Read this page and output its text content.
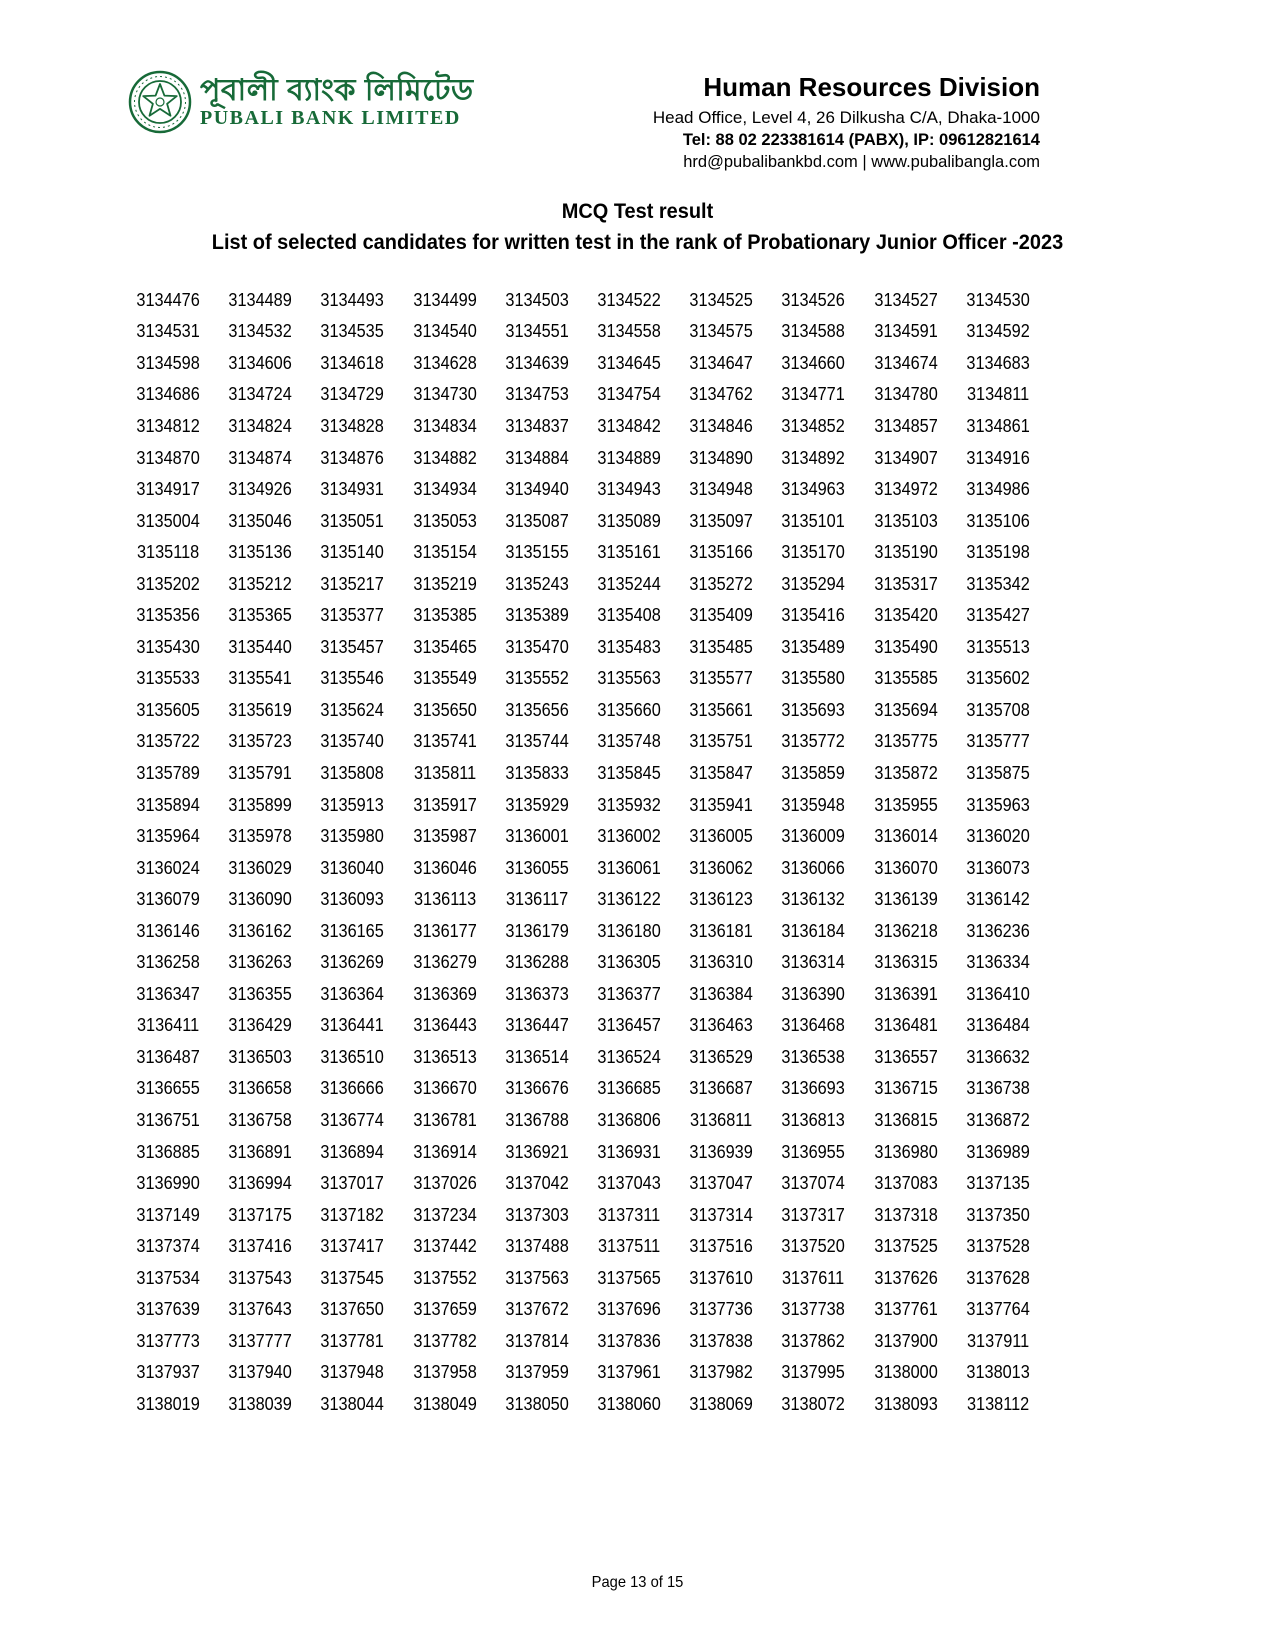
পূবালী ব্যাংক লিমিটেড
PUBALI BANK LIMITED
Human Resources Division
Head Office, Level 4, 26 Dilkusha C/A, Dhaka-1000
Tel: 88 02 223381614 (PABX), IP: 09612821614
hrd@pubalibankbd.com | www.pubalibangla.com
MCQ Test result
List of selected candidates for written test in the rank of Probationary Junior Officer -2023
3134476	3134489	3134493	3134499	3134503	3134522	3134525	3134526	3134527	3134530
3134531	3134532	3134535	3134540	3134551	3134558	3134575	3134588	3134591	3134592
3134598	3134606	3134618	3134628	3134639	3134645	3134647	3134660	3134674	3134683
3134686	3134724	3134729	3134730	3134753	3134754	3134762	3134771	3134780	3134811
3134812	3134824	3134828	3134834	3134837	3134842	3134846	3134852	3134857	3134861
3134870	3134874	3134876	3134882	3134884	3134889	3134890	3134892	3134907	3134916
3134917	3134926	3134931	3134934	3134940	3134943	3134948	3134963	3134972	3134986
3135004	3135046	3135051	3135053	3135087	3135089	3135097	3135101	3135103	3135106
3135118	3135136	3135140	3135154	3135155	3135161	3135166	3135170	3135190	3135198
3135202	3135212	3135217	3135219	3135243	3135244	3135272	3135294	3135317	3135342
3135356	3135365	3135377	3135385	3135389	3135408	3135409	3135416	3135420	3135427
3135430	3135440	3135457	3135465	3135470	3135483	3135485	3135489	3135490	3135513
3135533	3135541	3135546	3135549	3135552	3135563	3135577	3135580	3135585	3135602
3135605	3135619	3135624	3135650	3135656	3135660	3135661	3135693	3135694	3135708
3135722	3135723	3135740	3135741	3135744	3135748	3135751	3135772	3135775	3135777
3135789	3135791	3135808	3135811	3135833	3135845	3135847	3135859	3135872	3135875
3135894	3135899	3135913	3135917	3135929	3135932	3135941	3135948	3135955	3135963
3135964	3135978	3135980	3135987	3136001	3136002	3136005	3136009	3136014	3136020
3136024	3136029	3136040	3136046	3136055	3136061	3136062	3136066	3136070	3136073
3136079	3136090	3136093	3136113	3136117	3136122	3136123	3136132	3136139	3136142
3136146	3136162	3136165	3136177	3136179	3136180	3136181	3136184	3136218	3136236
3136258	3136263	3136269	3136279	3136288	3136305	3136310	3136314	3136315	3136334
3136347	3136355	3136364	3136369	3136373	3136377	3136384	3136390	3136391	3136410
3136411	3136429	3136441	3136443	3136447	3136457	3136463	3136468	3136481	3136484
3136487	3136503	3136510	3136513	3136514	3136524	3136529	3136538	3136557	3136632
3136655	3136658	3136666	3136670	3136676	3136685	3136687	3136693	3136715	3136738
3136751	3136758	3136774	3136781	3136788	3136806	3136811	3136813	3136815	3136872
3136885	3136891	3136894	3136914	3136921	3136931	3136939	3136955	3136980	3136989
3136990	3136994	3137017	3137026	3137042	3137043	3137047	3137074	3137083	3137135
3137149	3137175	3137182	3137234	3137303	3137311	3137314	3137317	3137318	3137350
3137374	3137416	3137417	3137442	3137488	3137511	3137516	3137520	3137525	3137528
3137534	3137543	3137545	3137552	3137563	3137565	3137610	3137611	3137626	3137628
3137639	3137643	3137650	3137659	3137672	3137696	3137736	3137738	3137761	3137764
3137773	3137777	3137781	3137782	3137814	3137836	3137838	3137862	3137900	3137911
3137937	3137940	3137948	3137958	3137959	3137961	3137982	3137995	3138000	3138013
3138019	3138039	3138044	3138049	3138050	3138060	3138069	3138072	3138093	3138112
Page 13 of 15
